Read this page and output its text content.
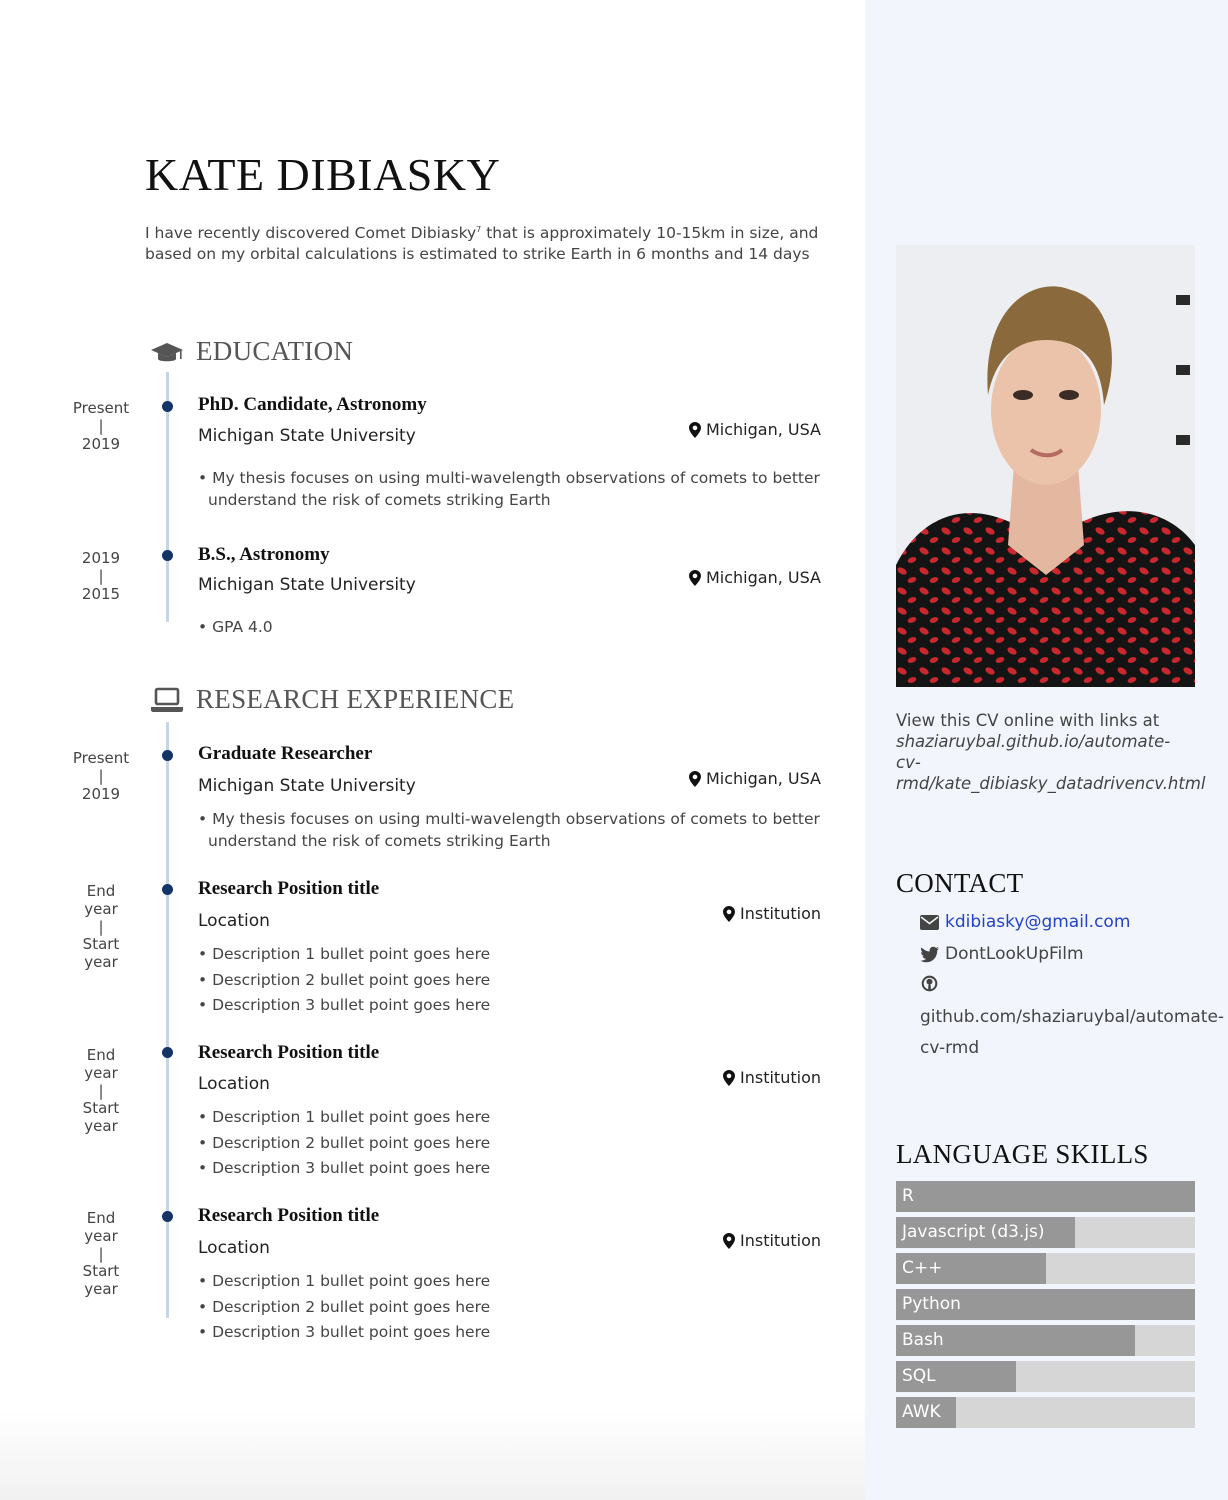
KATE DIBIASKY
I have recently discovered Comet Dibiasky$^7$ that is approximately 10-15km in size, and based on my orbital calculations is estimated to strike Earth in 6 months and 14 days
EDUCATION
Present
|
2019
PhD. Candidate, Astronomy
Michigan State University	Michigan, USA
• My thesis focuses on using multi-wavelength observations of comets to better understand the risk of comets striking Earth
2019
|
2015
B.S., Astronomy
Michigan State University	Michigan, USA
• GPA 4.0
RESEARCH EXPERIENCE
Present
|
2019
Graduate Researcher
Michigan State University	Michigan, USA
• My thesis focuses on using multi-wavelength observations of comets to better understand the risk of comets striking Earth
End year
|
Start year
Research Position title
Location	Institution
• Description 1 bullet point goes here
• Description 2 bullet point goes here
• Description 3 bullet point goes here
End year
|
Start year
Research Position title
Location	Institution
• Description 1 bullet point goes here
• Description 2 bullet point goes here
• Description 3 bullet point goes here
End year
|
Start year
Research Position title
Location	Institution
• Description 1 bullet point goes here
• Description 2 bullet point goes here
• Description 3 bullet point goes here
View this CV online with links at
shaziaruybal.github.io/automate-
cv-
rmd/kate_dibiasky_datadrivencv.html
CONTACT
kdibiasky@gmail.com
DontLookUpFilm
github.com/shaziaruybal/automate-
cv-rmd
LANGUAGE SKILLS
R
Javascript (d3.js)
C++
Python
Bash
SQL
AWK
